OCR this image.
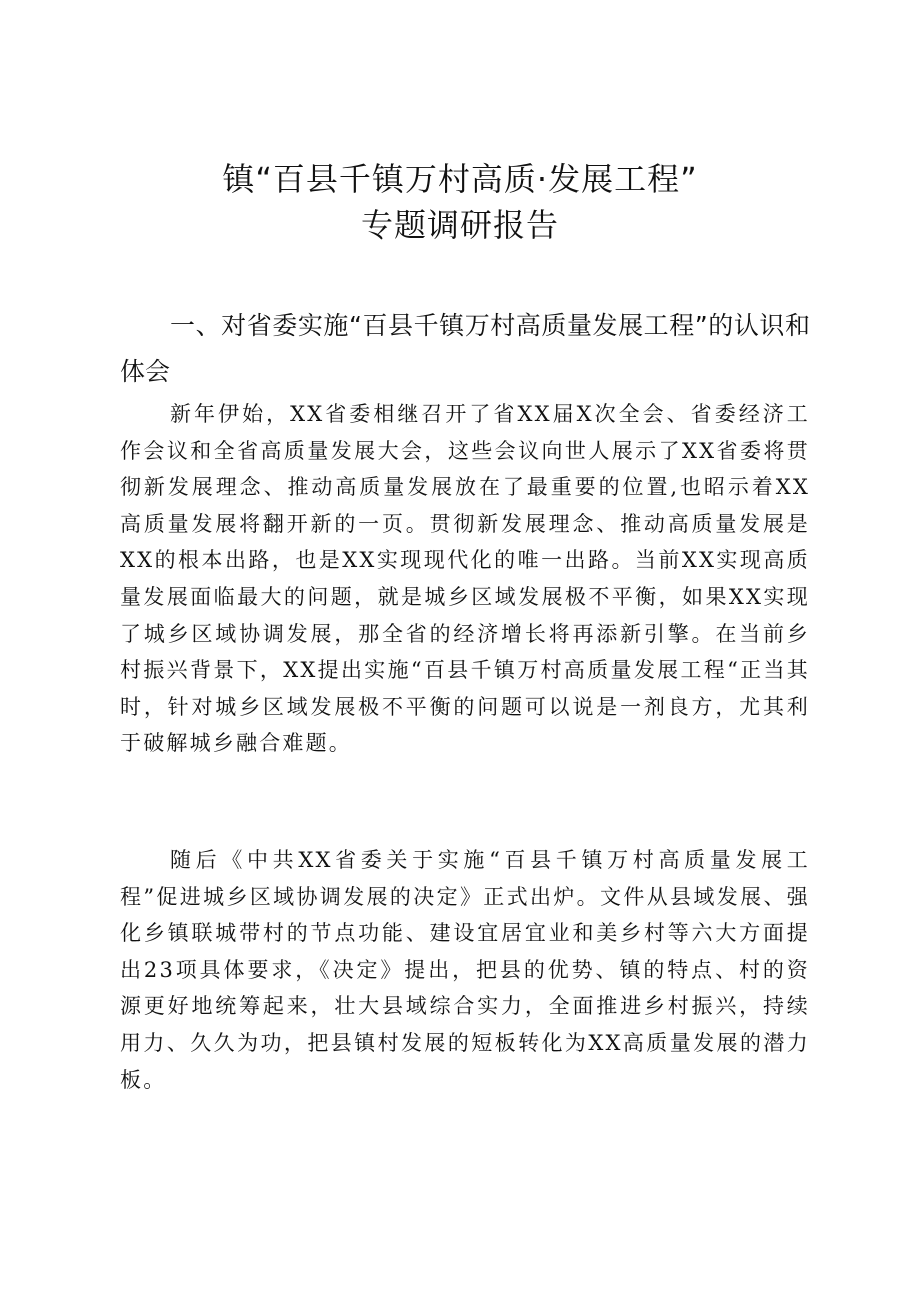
镇“百县千镇万村高质·发展工程”
专题调研报告
一、对省委实施“百县千镇万村高质量发展工程”的认识和体会
新年伊始，XX省委相继召开了省XX届X次全会、省委经济工作会议和全省高质量发展大会，这些会议向世人展示了XX省委将贯彻新发展理念、推动高质量发展放在了最重要的位置,也昭示着XX高质量发展将翻开新的一页。贯彻新发展理念、推动高质量发展是XX的根本出路，也是XX实现现代化的唯一出路。当前XX实现高质量发展面临最大的问题，就是城乡区域发展极不平衡，如果XX实现了城乡区域协调发展，那全省的经济增长将再添新引擎。在当前乡村振兴背景下，XX提出实施“百县千镇万村高质量发展工程“正当其时，针对城乡区域发展极不平衡的问题可以说是一剂良方，尤其利于破解城乡融合难题。
随后《中共XX省委关于实施“百县千镇万村高质量发展工程”促进城乡区域协调发展的决定》正式出炉。文件从县域发展、强化乡镇联城带村的节点功能、建设宜居宜业和美乡村等六大方面提出23项具体要求，《决定》提出，把县的优势、镇的特点、村的资源更好地统筹起来，壮大县域综合实力，全面推进乡村振兴，持续用力、久久为功，把县镇村发展的短板转化为XX高质量发展的潜力板。
